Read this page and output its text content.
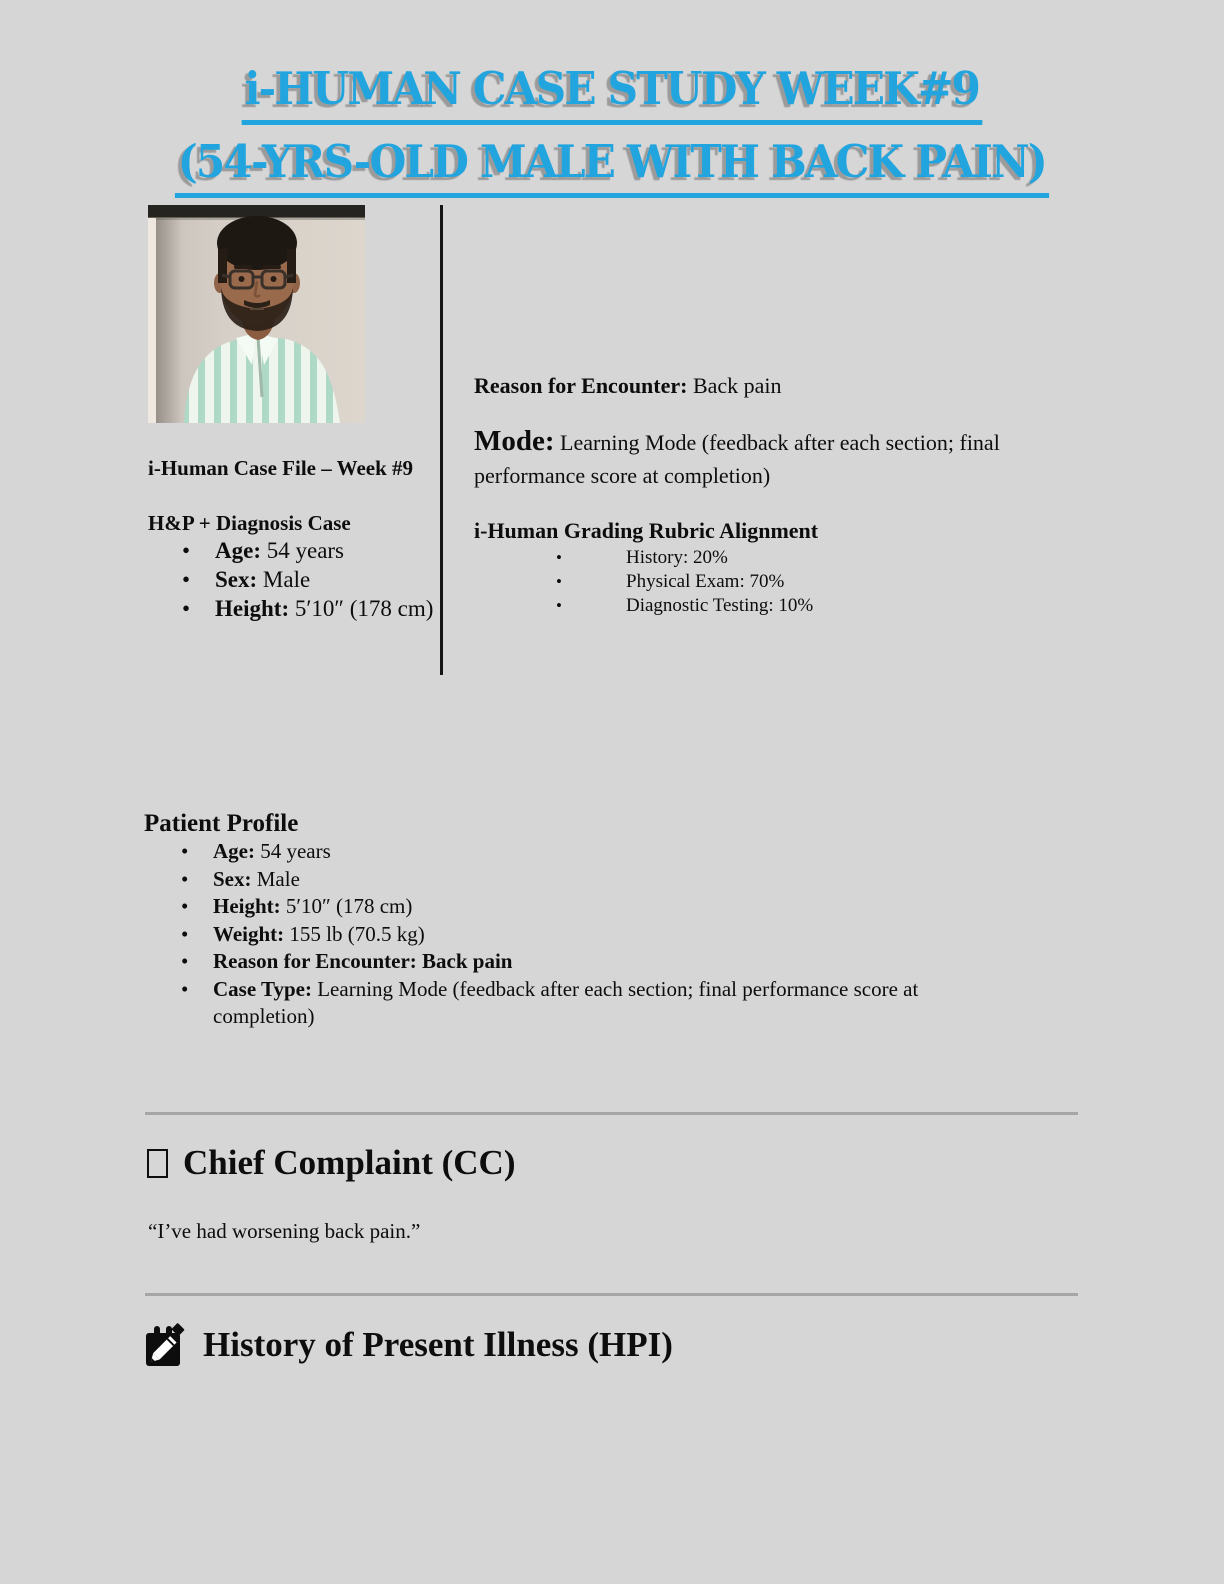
i-HUMAN CASE STUDY WEEK#9
(54-YRS-OLD MALE WITH BACK PAIN)
i-Human Case File – Week #9
H&P + Diagnosis Case
• Age: 54 years
• Sex: Male
• Height: 5′10″ (178 cm)

Reason for Encounter: Back pain

Mode: Learning Mode (feedback after each section; final performance score at completion)

i-Human Grading Rubric Alignment

• History: 20%
• Physical Exam: 70%
• Diagnostic Testing: 10%
Patient Profile
• Age: 54 years
• Sex: Male
• Height: 5′10″ (178 cm)
• Weight: 155 lb (70.5 kg)
• Reason for Encounter: Back pain
• Case Type: Learning Mode (feedback after each section; final performance score at completion)
Chief Complaint (CC)

“I’ve had worsening back pain.”

History of Present Illness (HPI)
